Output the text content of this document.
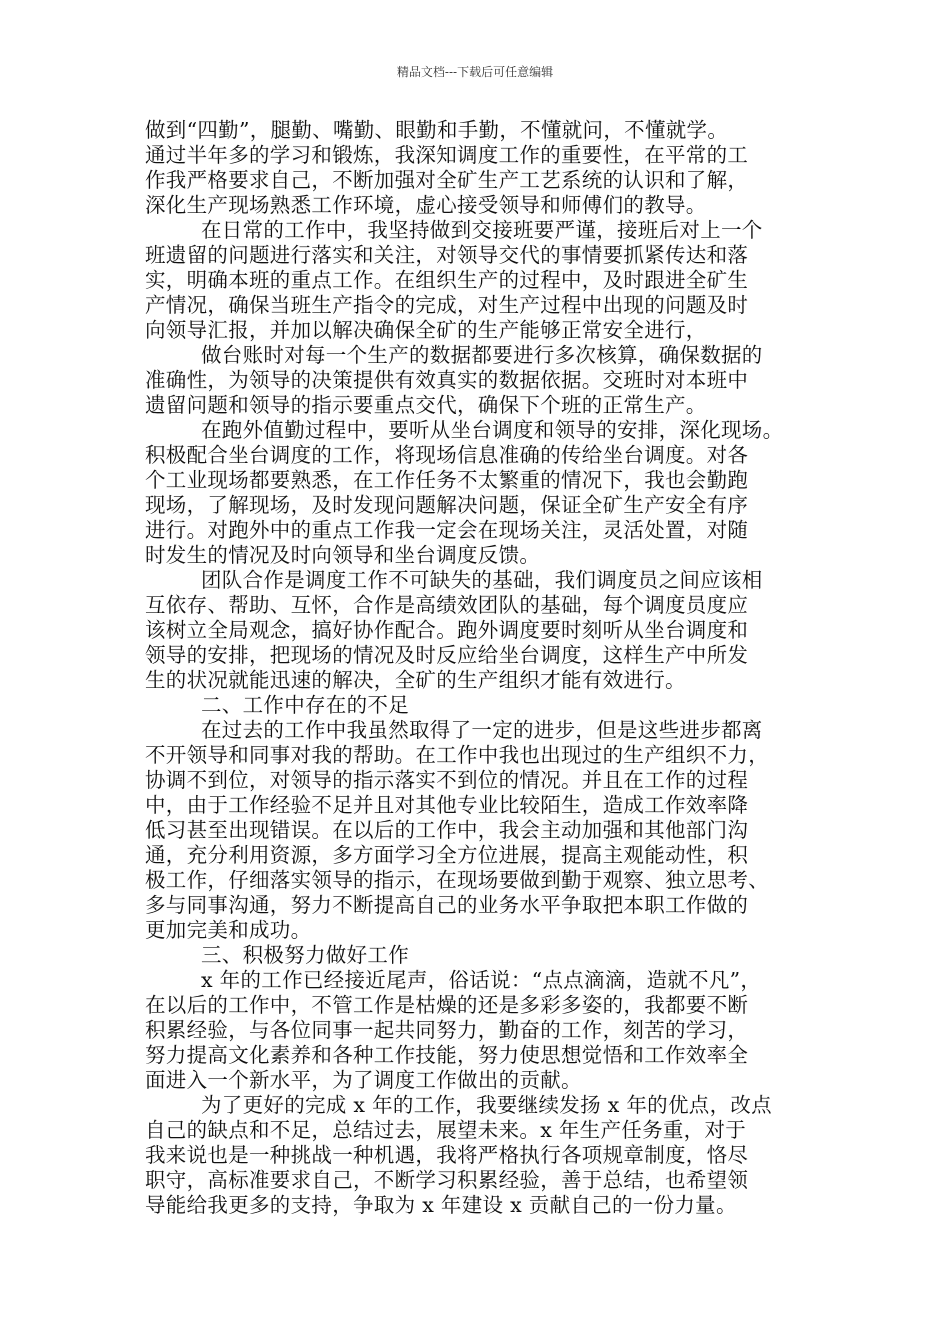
精品文档---下载后可任意编辑
做到“四勤”，腿勤、嘴勤、眼勤和手勤，不懂就问，不懂就学。
通过半年多的学习和锻炼，我深知调度工作的重要性，在平常的工
作我严格要求自己，不断加强对全矿生产工艺系统的认识和了解，
深化生产现场熟悉工作环境，虚心接受领导和师傅们的教导。
在日常的工作中，我坚持做到交接班要严谨，接班后对上一个
班遗留的问题进行落实和关注，对领导交代的事情要抓紧传达和落
实，明确本班的重点工作。在组织生产的过程中，及时跟进全矿生
产情况，确保当班生产指令的完成，对生产过程中出现的问题及时
向领导汇报，并加以解决确保全矿的生产能够正常安全进行，
做台账时对每一个生产的数据都要进行多次核算，确保数据的
准确性，为领导的决策提供有效真实的数据依据。交班时对本班中
遗留问题和领导的指示要重点交代，确保下个班的正常生产。
在跑外值勤过程中，要听从坐台调度和领导的安排，深化现场。
积极配合坐台调度的工作，将现场信息准确的传给坐台调度。对各
个工业现场都要熟悉，在工作任务不太繁重的情况下，我也会勤跑
现场，了解现场，及时发现问题解决问题，保证全矿生产安全有序
进行。对跑外中的重点工作我一定会在现场关注，灵活处置，对随
时发生的情况及时向领导和坐台调度反馈。
团队合作是调度工作不可缺失的基础，我们调度员之间应该相
互依存、帮助、互怀，合作是高绩效团队的基础，每个调度员度应
该树立全局观念，搞好协作配合。跑外调度要时刻听从坐台调度和
领导的安排，把现场的情况及时反应给坐台调度，这样生产中所发
生的状况就能迅速的解决，全矿的生产组织才能有效进行。
二、工作中存在的不足
在过去的工作中我虽然取得了一定的进步，但是这些进步都离
不开领导和同事对我的帮助。在工作中我也出现过的生产组织不力，
协调不到位，对领导的指示落实不到位的情况。并且在工作的过程
中，由于工作经验不足并且对其他专业比较陌生，造成工作效率降
低习甚至出现错误。在以后的工作中，我会主动加强和其他部门沟
通，充分利用资源，多方面学习全方位进展，提高主观能动性，积
极工作，仔细落实领导的指示，在现场要做到勤于观察、独立思考、
多与同事沟通，努力不断提高自己的业务水平争取把本职工作做的
更加完美和成功。
三、积极努力做好工作
x 年的工作已经接近尾声，俗话说：“点点滴滴，造就不凡”，
在以后的工作中，不管工作是枯燥的还是多彩多姿的，我都要不断
积累经验，与各位同事一起共同努力，勤奋的工作，刻苦的学习，
努力提高文化素养和各种工作技能，努力使思想觉悟和工作效率全
面进入一个新水平，为了调度工作做出的贡献。
为了更好的完成 x 年的工作，我要继续发扬 x 年的优点，改点
自己的缺点和不足，总结过去，展望未来。x 年生产任务重，对于
我来说也是一种挑战一种机遇，我将严格执行各项规章制度，恪尽
职守，高标准要求自己，不断学习积累经验，善于总结，也希望领
导能给我更多的支持，争取为 x 年建设 x 贡献自己的一份力量。
